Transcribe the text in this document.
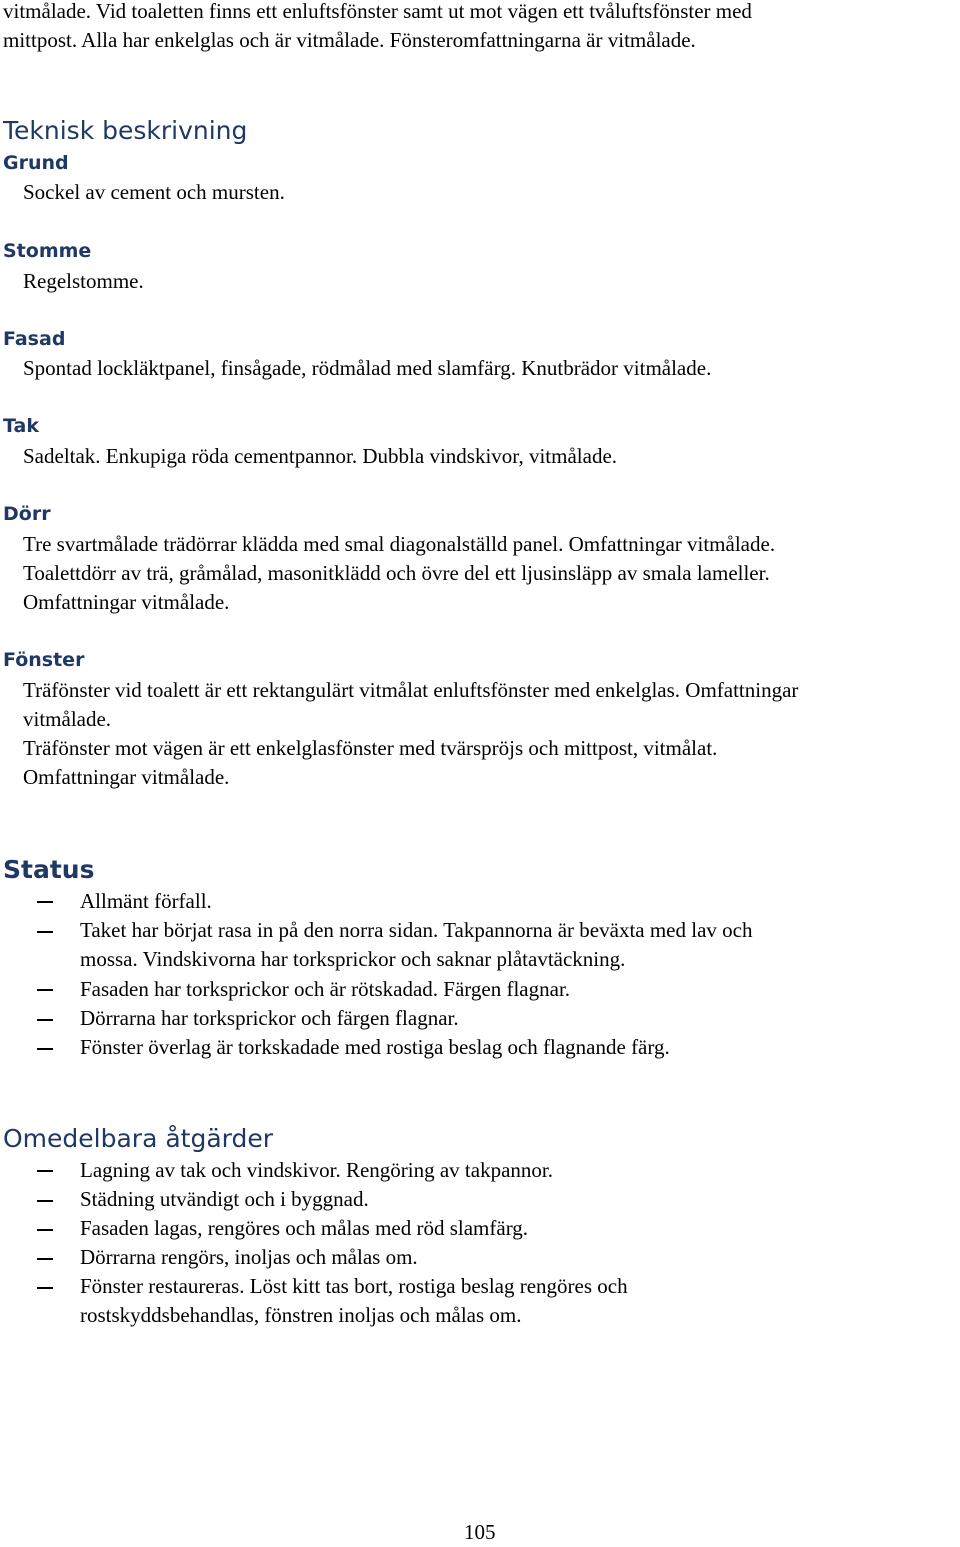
vitmålade. Vid toaletten finns ett enluftsfönster samt ut mot vägen ett tvåluftsfönster med
mittpost. Alla har enkelglas och är vitmålade. Fönsteromfattningarna är vitmålade.
Teknisk beskrivning
Grund
Sockel av cement och mursten.
Stomme
Regelstomme.
Fasad
Spontad lockläktpanel, finsågade, rödmålad med slamfärg. Knutbrädor vitmålade.
Tak
Sadeltak. Enkupiga röda cementpannor. Dubbla vindskivor, vitmålade.
Dörr
Tre svartmålade trädörrar klädda med smal diagonalställd panel. Omfattningar vitmålade.
Toalettdörr av trä, gråmålad, masonitklädd och övre del ett ljusinsläpp av smala lameller.
Omfattningar vitmålade.
Fönster
Träfönster vid toalett är ett rektangulärt vitmålat enluftsfönster med enkelglas. Omfattningar
vitmålade.
Träfönster mot vägen är ett enkelglasfönster med tvärspröjs och mittpost, vitmålat.
Omfattningar vitmålade.
Status
Allmänt förfall.
Taket har börjat rasa in på den norra sidan. Takpannorna är beväxta med lav och
mossa. Vindskivorna har torksprickor och saknar plåtavtäckning.
Fasaden har torksprickor och är rötskadad. Färgen flagnar.
Dörrarna har torksprickor och färgen flagnar.
Fönster överlag är torkskadade med rostiga beslag och flagnande färg.
Omedelbara åtgärder
Lagning av tak och vindskivor. Rengöring av takpannor.
Städning utvändigt och i byggnad.
Fasaden lagas, rengöres och målas med röd slamfärg.
Dörrarna rengörs, inoljas och målas om.
Fönster restaureras. Löst kitt tas bort, rostiga beslag rengöres och
rostskyddsbehandlas, fönstren inoljas och målas om.
105
